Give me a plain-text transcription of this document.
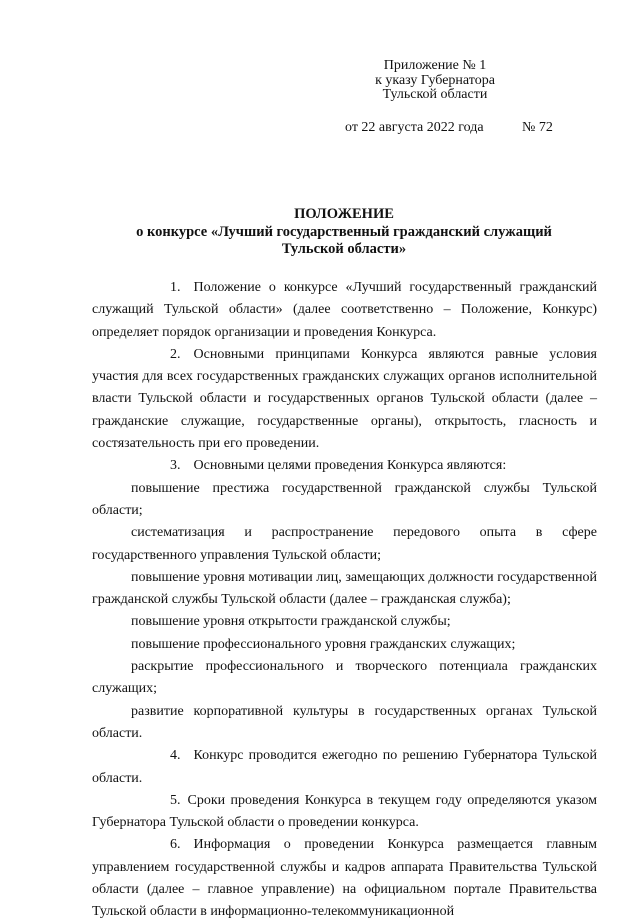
Приложение № 1
к указу Губернатора
Тульской области
от 22 августа 2022 года	№ 72
ПОЛОЖЕНИЕ
о конкурсе «Лучший государственный гражданский служащий
Тульской области»

1. Положение о конкурсе «Лучший государственный гражданский служащий Тульской области» (далее соответственно – Положение, Конкурс) определяет порядок организации и проведения Конкурса.

2. Основными принципами Конкурса являются равные условия участия для всех государственных гражданских служащих органов исполнительной власти Тульской области и государственных органов Тульской области (далее – гражданские служащие, государственные органы), открытость, гласность и состязательность при его проведении.

3. Основными целями проведения Конкурса являются:

повышение престижа государственной гражданской службы Тульской области;

систематизация и распространение передового опыта в сфере государственного управления Тульской области;

повышение уровня мотивации лиц, замещающих должности государственной гражданской службы Тульской области (далее – гражданская служба);

повышение уровня открытости гражданской службы;

повышение профессионального уровня гражданских служащих;

раскрытие профессионального и творческого потенциала гражданских служащих;

развитие корпоративной культуры в государственных органах Тульской области.

4. Конкурс проводится ежегодно по решению Губернатора Тульской области.

5. Сроки проведения Конкурса в текущем году определяются указом Губернатора Тульской области о проведении конкурса.

6. Информация о проведении Конкурса размещается главным управлением государственной службы и кадров аппарата Правительства Тульской области (далее – главное управление) на официальном портале Правительства Тульской области в информационно-телекоммуникационной
